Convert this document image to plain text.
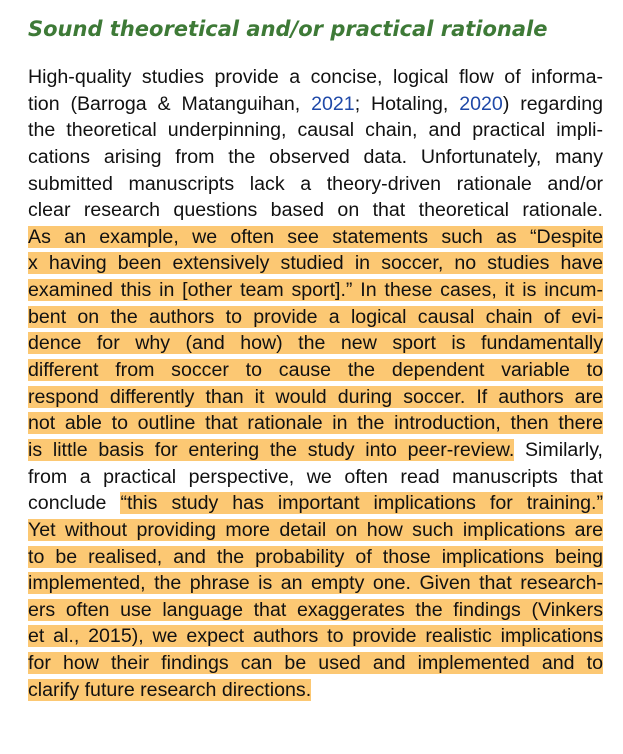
Sound theoretical and/or practical rationale
High-quality studies provide a concise, logical flow of informa-
tion (Barroga & Matanguihan, 2021; Hotaling, 2020) regarding
the theoretical underpinning, causal chain, and practical impli-
cations arising from the observed data. Unfortunately, many
submitted manuscripts lack a theory-driven rationale and/or
clear research questions based on that theoretical rationale.
As an example, we often see statements such as “Despite
x having been extensively studied in soccer, no studies have
examined this in [other team sport].” In these cases, it is incum-
bent on the authors to provide a logical causal chain of evi-
dence for why (and how) the new sport is fundamentally
different from soccer to cause the dependent variable to
respond differently than it would during soccer. If authors are
not able to outline that rationale in the introduction, then there
is little basis for entering the study into peer-review. Similarly,
from a practical perspective, we often read manuscripts that
conclude “this study has important implications for training.”
Yet without providing more detail on how such implications are
to be realised, and the probability of those implications being
implemented, the phrase is an empty one. Given that research-
ers often use language that exaggerates the findings (Vinkers
et al., 2015), we expect authors to provide realistic implications
for how their findings can be used and implemented and to
clarify future research directions.
